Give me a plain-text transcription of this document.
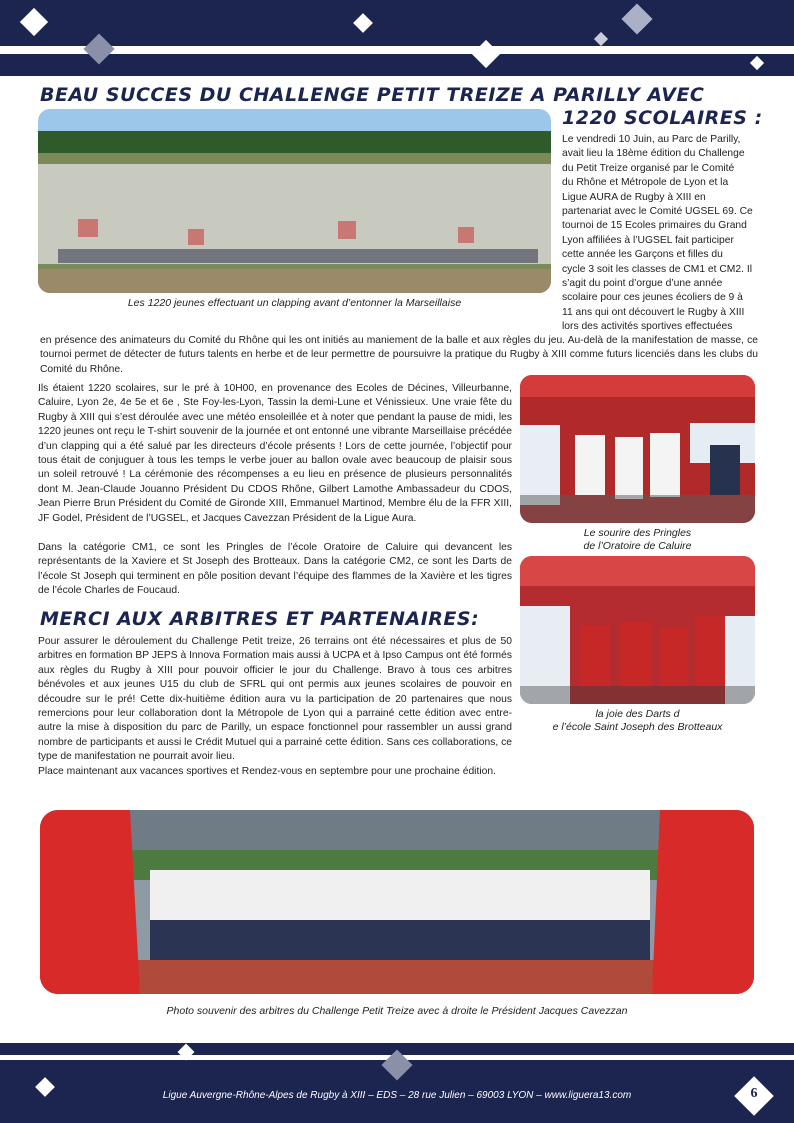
BEAU SUCCES DU CHALLENGE PETIT TREIZE A PARILLY AVEC
1220 SCOLAIRES :
Les 1220 jeunes effectuant un clapping avant d’entonner la Marseillaise
Le vendredi 10 Juin, au Parc de Parilly,
avait lieu la 18ème édition du Challenge
du Petit Treize organisé par le Comité
du Rhône et Métropole de Lyon et la
Ligue AURA de Rugby à XIII en
partenariat avec le Comité UGSEL 69. Ce
tournoi de 15 Ecoles primaires du Grand
Lyon affiliées à l’UGSEL fait participer
cette année les Garçons et filles du
cycle 3 soit les classes de CM1 et CM2. Il
s’agit du point d’orgue d’une année
scolaire pour ces jeunes écoliers de 9 à
11 ans qui ont découvert le Rugby à XIII
lors des activités sportives effectuées
en présence des animateurs du Comité du Rhône qui les ont initiés au maniement de la balle et aux règles du jeu. Au-delà de la manifestation de masse, ce tournoi permet de détecter de futurs talents en herbe et de leur permettre de poursuivre la pratique du Rugby à XIII comme futurs licenciés dans les clubs du Comité du Rhône.
Ils étaient 1220 scolaires, sur le pré à 10H00, en provenance des Ecoles de Décines, Villeurbanne, Caluire, Lyon 2e, 4e 5e et 6e , Ste Foy-les-Lyon, Tassin la demi-Lune et Vénissieux. Une vraie fête du Rugby à XIII qui s’est déroulée avec une météo ensoleillée et à noter que pendant la pause de midi, les 1220 jeunes ont reçu le T-shirt souvenir de la journée et ont entonné une vibrante Marseillaise précédée d’un clapping qui a été salué par les directeurs d’école présents ! Lors de cette journée, l’objectif pour tous était de conjuguer à tous les temps le verbe jouer au ballon ovale avec beaucoup de plaisir sous un soleil retrouvé ! La cérémonie des récompenses a eu lieu en présence de plusieurs personnalités dont M. Jean-Claude Jouanno Président Du CDOS Rhône, Gilbert Lamothe Ambassadeur du CDOS, Jean Pierre Brun Président du Comité de Gironde XIII, Emmanuel Martinod, Membre élu de la FFR XIII, JF Godel, Président de l’UGSEL, et Jacques Cavezzan Président de la Ligue Aura.
Dans la catégorie CM1, ce sont les Pringles de l’école Oratoire de Caluire qui devancent les représentants de la Xaviere et St Joseph des Brotteaux. Dans la catégorie CM2, ce sont les Darts de l’école St Joseph qui terminent en pôle position devant l’équipe des flammes de la Xavière et les tigres de l’école Charles de Foucaud.
Le sourire des Pringles
de l’Oratoire de Caluire
MERCI AUX ARBITRES ET PARTENAIRES:
Pour assurer le déroulement du Challenge Petit treize, 26 terrains ont été nécessaires et plus de 50 arbitres en formation BP JEPS à Innova Formation mais aussi à UCPA et à Ipso Campus ont été formés aux règles du Rugby à XIII pour pouvoir officier le jour du Challenge. Bravo à tous ces arbitres bénévoles et aux jeunes U15 du club de SFRL qui ont permis aux jeunes scolaires de pouvoir en découdre sur le pré! Cette dix-huitième édition aura vu la participation de 20 partenaires que nous remercions pour leur collaboration dont la Métropole de Lyon qui a parrainé cette édition avec entre-autre la mise à disposition du parc de Parilly, un espace fonctionnel pour rassembler un aussi grand nombre de participants et aussi le Crédit Mutuel qui a parrainé cette édition. Sans ces collaborations, ce type de manifestation ne pourrait avoir lieu.
Place maintenant aux vacances sportives et Rendez-vous en septembre pour une prochaine édition.
la joie des Darts d
e l’école Saint Joseph des Brotteaux
Photo souvenir des arbitres du Challenge Petit Treize avec à droite le Président Jacques Cavezzan
Ligue Auvergne-Rhône-Alpes de Rugby à XIII – EDS – 28 rue Julien – 69003 LYON – www.liguera13.com	6
